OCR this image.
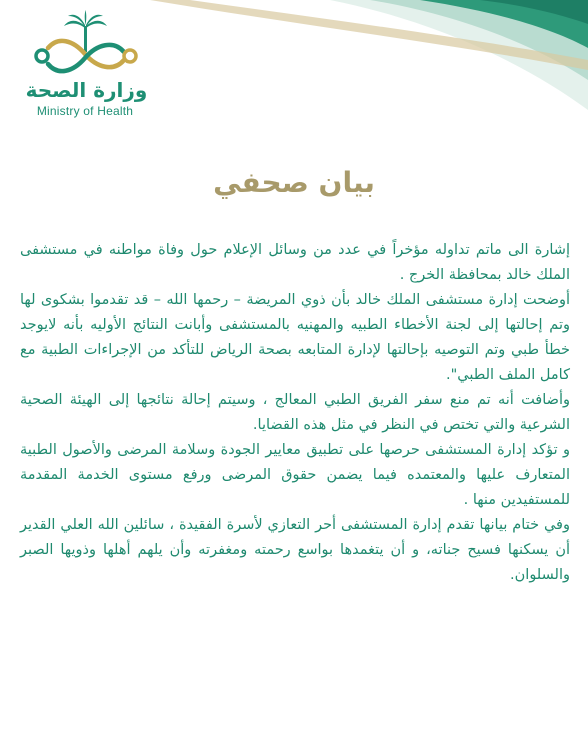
وزارة الصحة
Ministry of Health
بيان صحفي

إشارة الى ماتم تداوله مؤخراً في عدد من وسائل الإعلام حول وفاة مواطنه في مستشفى الملك خالد بمحافظة الخرج .

أوضحت إدارة مستشفى الملك خالد بأن ذوي المريضة – رحمها الله – قد تقدموا بشكوى لها وتم إحالتها إلى لجنة الأخطاء الطبيه والمهنيه بالمستشفى وأبانت النتائج الأوليه بأنه لايوجد خطأ طبي وتم التوصيه بإحالتها لإدارة المتابعه بصحة الرياض للتأكد من الإجراءات الطبية مع كامل الملف الطبي".

وأضافت أنه تم منع سفر الفريق الطبي المعالج ، وسيتم إحالة نتائجها إلى الهيئة الصحية الشرعية والتي تختص في النظر في مثل هذه القضايا.

و تؤكد إدارة المستشفى حرصها على تطبيق معايير الجودة وسلامة المرضى والأصول الطبية المتعارف عليها والمعتمده فيما يضمن حقوق المرضى ورفع مستوى الخدمة المقدمة للمستفيدين منها .

وفي ختام بيانها تقدم إدارة المستشفى أحر التعازي لأسرة الفقيدة ، سائلين الله العلي القدير أن يسكنها فسيح جناته، و أن يتغمدها بواسع رحمته ومغفرته وأن يلهم أهلها وذويها الصبر والسلوان.
